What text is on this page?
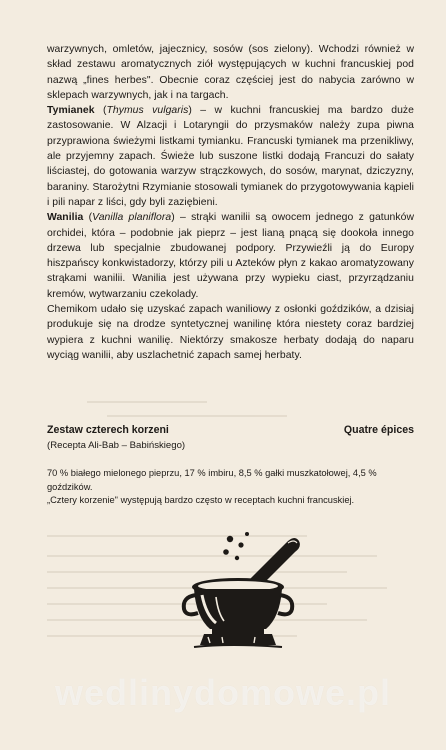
warzywnych, omletów, jajecznicy, sosów (sos zielony). Wchodzi również w skład zestawu aromatycznych ziół występujących w kuchni francuskiej pod nazwą „fines herbes". Obecnie coraz częściej jest do nabycia zarówno w sklepach warzywnych, jak i na targach.

Tymianek (Thymus vulgaris) – w kuchni francuskiej ma bardzo duże zastosowanie. W Alzacji i Lotaryngii do przysmaków należy zupa piwna przyprawiona świeżymi listkami tymianku. Francuski tymianek ma przenikliwy, ale przyjemny zapach. Świeże lub suszone listki dodają Francuzi do sałaty liściastej, do gotowania warzyw strączkowych, do sosów, marynat, dziczyzny, baraniny. Starożytni Rzymianie stosowali tymianek do przygotowywania kąpieli i pili napar z liści, gdy byli zaziębieni.

Wanilia (Vanilla planiflora) – strąki wanilii są owocem jednego z gatunków orchidei, która – podobnie jak pieprz – jest lianą pnącą się dookoła innego drzewa lub specjalnie zbudowanej podpory. Przywieźli ją do Europy hiszpańscy konkwistadorzy, którzy pili u Azteków płyn z kakao aromatyzowany strąkami wanilii. Wanilia jest używana przy wypieku ciast, przyrządzaniu kremów, wytwarzaniu czekolady.

Chemikom udało się uzyskać zapach waniliowy z osłonki goździków, a dzisiaj produkuje się na drodze syntetycznej wanilinę która niestety coraz bardziej wypiera z kuchni wanilię. Niektórzy smakosze herbaty dodają do naparu wyciąg wanilii, aby uszlachetnić zapach samej herbaty.

Zestaw czterech korzeni	Quatre épices
(Recepta Ali-Bab – Babińskiego)

70 % białego mielonego pieprzu, 17 % imbiru, 8,5 % gałki muszkatołowej, 4,5 % goździków.

„Cztery korzenie" występują bardzo często w receptach kuchni francuskiej.

wedlinydomowe.pl
